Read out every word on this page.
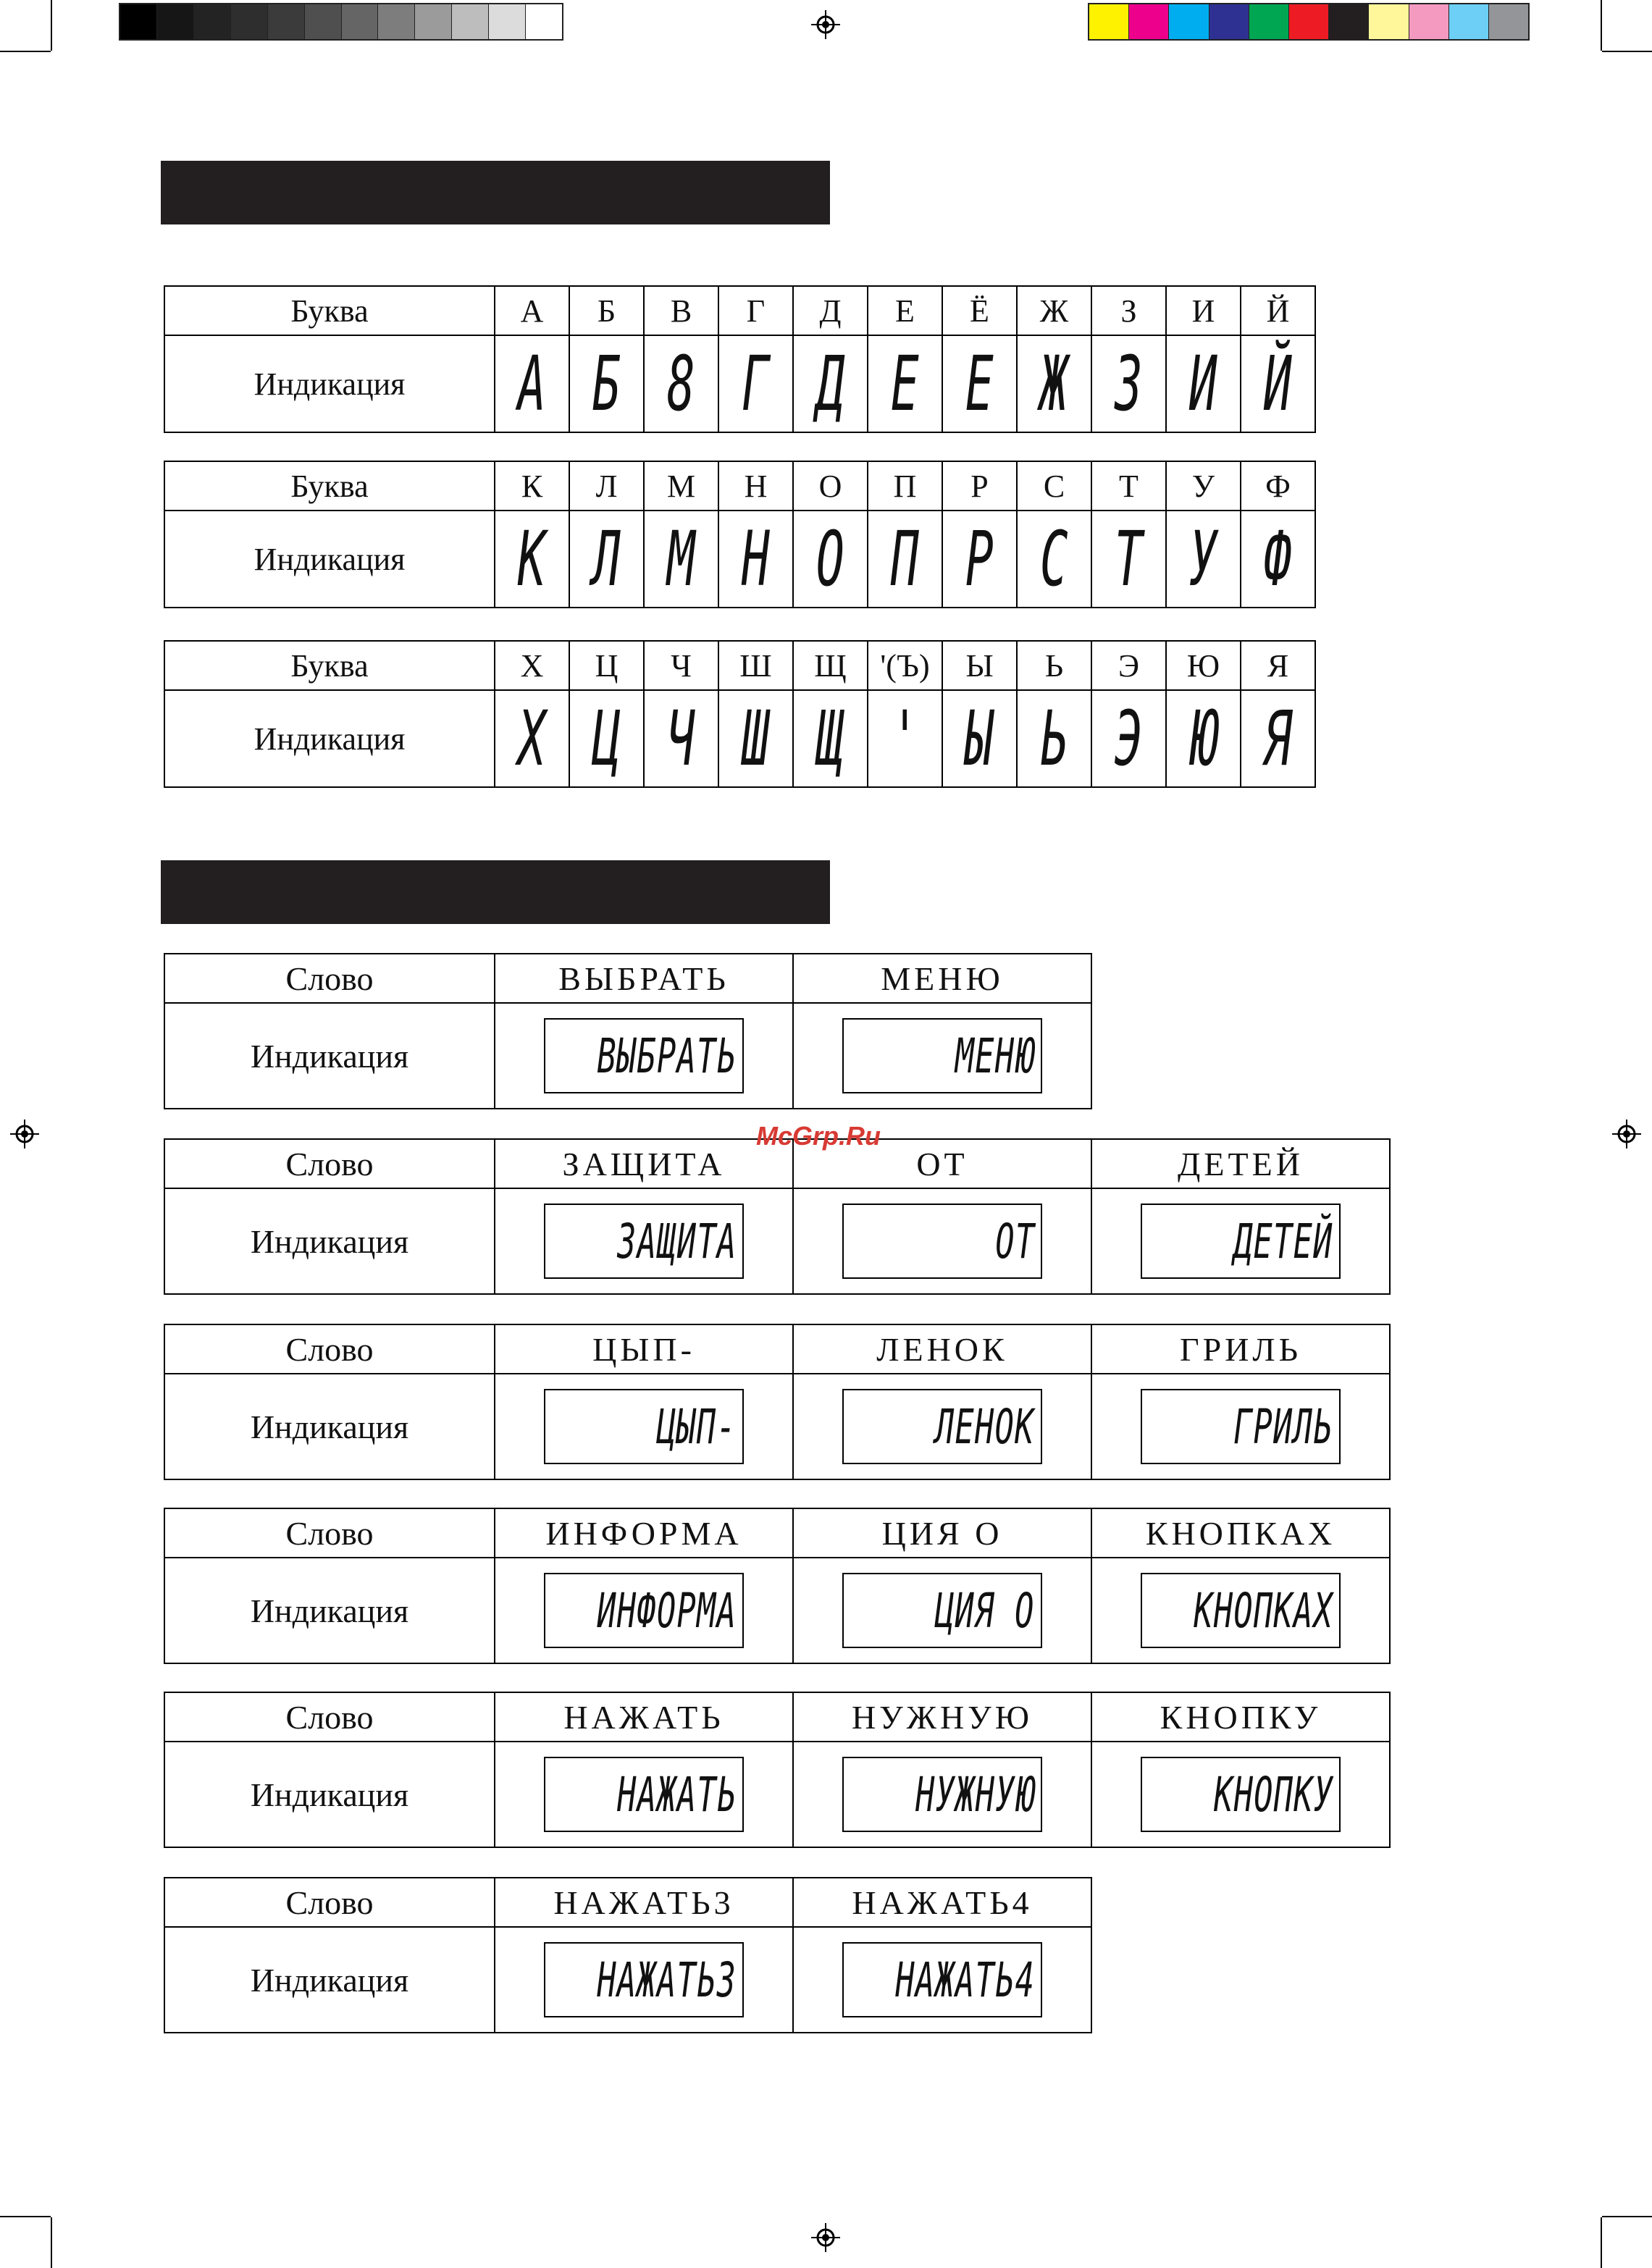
Буква	А	Б	В	Г	Д	Е	Ё	Ж	З	И	Й
Индикация	A	Б	8	Г	Д	E	E	Ж	З	И	Й
Буква	К	Л	М	Н	О	П	Р	С	Т	У	Ф
Индикация	K	Л	M	H	O	П	P	C	T	У	Ф
Буква	Х	Ц	Ч	Ш	Щ	'(Ъ)	Ы	Ь	Э	Ю	Я
Индикация	X	Ц	Ч	Ш	Щ	'	Ы	Ь	Э	Ю	Я
Слово	ВЫБРАТЬ	МЕНЮ
Индикация	ВЫБРАТЬ	МЕНЮ
Слово	ЗАЩИТА	ОТ	ДЕТЕЙ
Индикация	ЗАЩИТА	ОТ	ДЕТЕЙ
Слово	ЦЫП-	ЛЕНОК	ГРИЛЬ
Индикация	ЦЫП-	ЛЕНОК	ГРИЛЬ
Слово	ИНФОРМА	ЦИЯ О	КНОПКАХ
Индикация	ИНФОРМА	ЦИЯ О	КНОПКАХ
Слово	НАЖАТЬ	НУЖНУЮ	КНОПКУ
Индикация	НАЖАТЬ	НУЖНУЮ	КНОПКУ
Слово	НАЖАТЬ3	НАЖАТЬ4
Индикация	НАЖАТЬ3	НАЖАТЬ4
McGrp.Ru
